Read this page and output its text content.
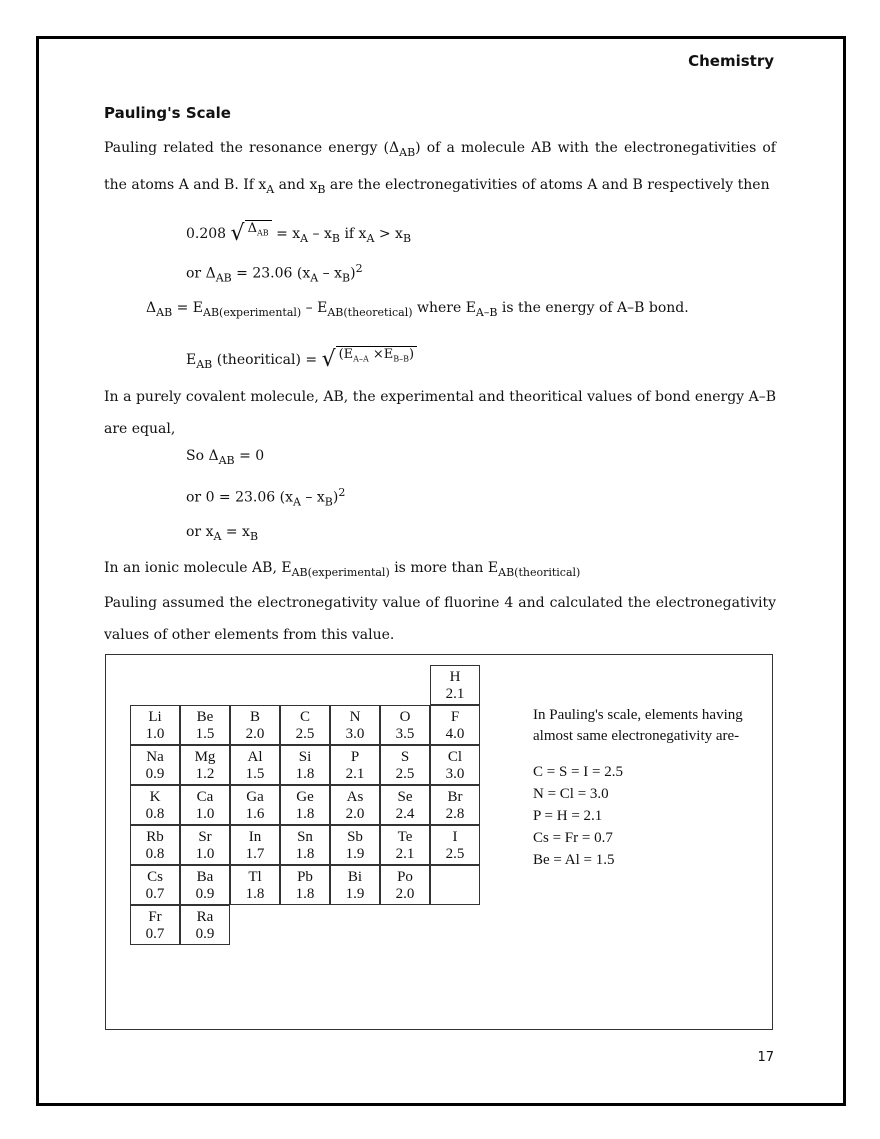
Chemistry
Pauling's Scale
Pauling related the resonance energy $(\Delta_{AB})$ of a molecule AB with the electronegativities of the atoms A and B. If $x_A$ and $x_B$ are the electronegativities of atoms A and B respectively then
0.208 √ $\Delta_{AB} = x_A - x_B$ if $x_A > x_B$
or $\Delta_{AB} = 23.06$ $(x_A - x_B)^2$
$\Delta_{AB} = E_{AB(experimental)} - E_{AB(theoretical)}$ where $E_{A-B}$ is the energy of A–B bond.
$E_{AB}$ (theoritical) = √ $(E_{A-A} \times E_{B-B})$
In a purely covalent molecule, AB, the experimental and theoritical values of bond energy A–B are equal,
So $\Delta_{AB} = 0$
or 0 = 23.06 $(x_A - x_B)^2$
or $x_A = x_B$
In an ionic molecule AB, $E_{AB(experimental)}$ is more than $E_{AB(theoritical)}$
Pauling assumed the electronegativity value of fluorine 4 and calculated the electronegativity values of other elements from this value.
H
2.1
Li
1.0
Be
1.5
B
2.0
C
2.5
N
3.0
O
3.5
F
4.0
Na
0.9
Mg
1.2
Al
1.5
Si
1.8
P
2.1
S
2.5
Cl
3.0
K
0.8
Ca
1.0
Ga
1.6
Ge
1.8
As
2.0
Se
2.4
Br
2.8
Rb
0.8
Sr
1.0
In
1.7
Sn
1.8
Sb
1.9
Te
2.1
I
2.5
Cs
0.7
Ba
0.9
Tl
1.8
Pb
1.8
Bi
1.9
Po
2.0
Fr
0.7
Ra
0.9
In Pauling's scale, elements having almost same electronegativity are-
C = S = I = 2.5
N = Cl = 3.0
P = H = 2.1
Cs = Fr = 0.7
Be = Al = 1.5
17
